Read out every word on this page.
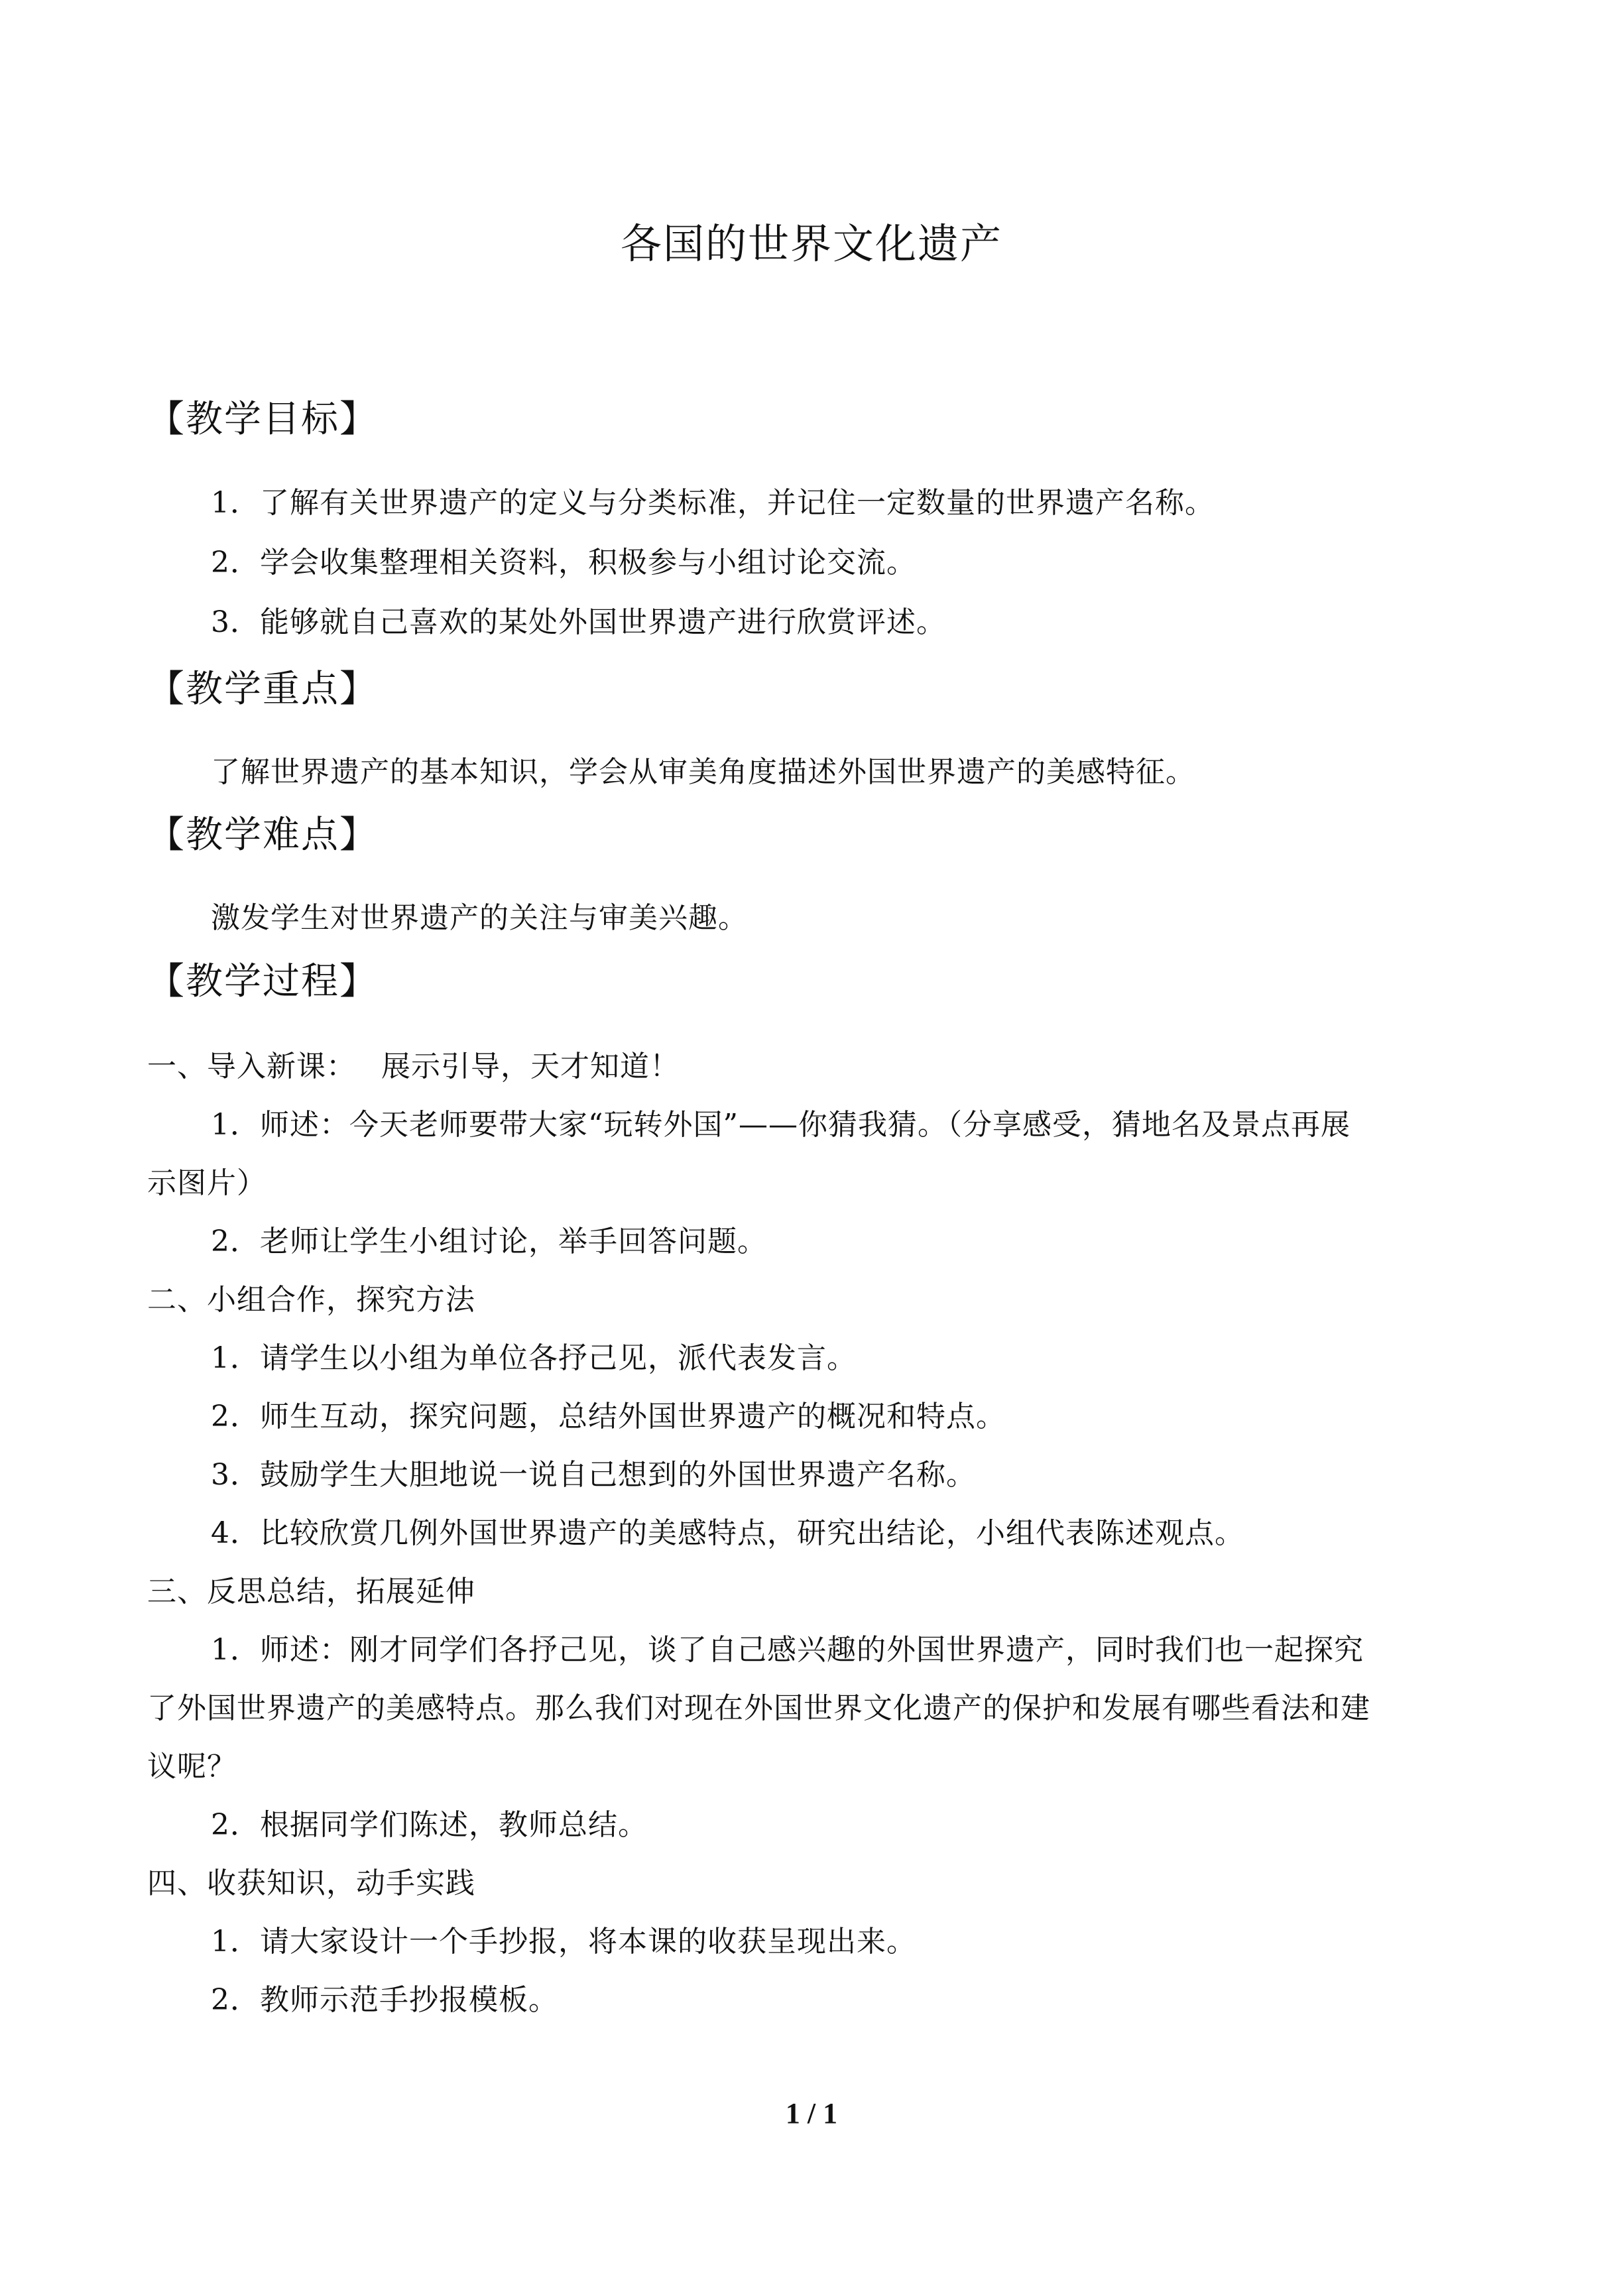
各国的世界文化遗产
【教学目标】
1．了解有关世界遗产的定义与分类标准，并记住一定数量的世界遗产名称。
2．学会收集整理相关资料，积极参与小组讨论交流。
3．能够就自己喜欢的某处外国世界遗产进行欣赏评述。
【教学重点】
了解世界遗产的基本知识，学会从审美角度描述外国世界遗产的美感特征。
【教学难点】
激发学生对世界遗产的关注与审美兴趣。
【教学过程】
一、导入新课：　 展示引导，天才知道！
1．师述：今天老师要带大家“玩转外国”——你猜我猜。（分享感受，猜地名及景点再展
示图片）
2．老师让学生小组讨论，举手回答问题。
二、小组合作，探究方法
1．请学生以小组为单位各抒己见，派代表发言。
2．师生互动，探究问题，总结外国世界遗产的概况和特点。
3．鼓励学生大胆地说一说自己想到的外国世界遗产名称。
4．比较欣赏几例外国世界遗产的美感特点，研究出结论，小组代表陈述观点。
三、反思总结，拓展延伸
1．师述：刚才同学们各抒己见，谈了自己感兴趣的外国世界遗产，同时我们也一起探究
了外国世界遗产的美感特点。那么我们对现在外国世界文化遗产的保护和发展有哪些看法和建
议呢？
2．根据同学们陈述，教师总结。
四、收获知识，动手实践
1．请大家设计一个手抄报，将本课的收获呈现出来。
2．教师示范手抄报模板。
1 / 1
